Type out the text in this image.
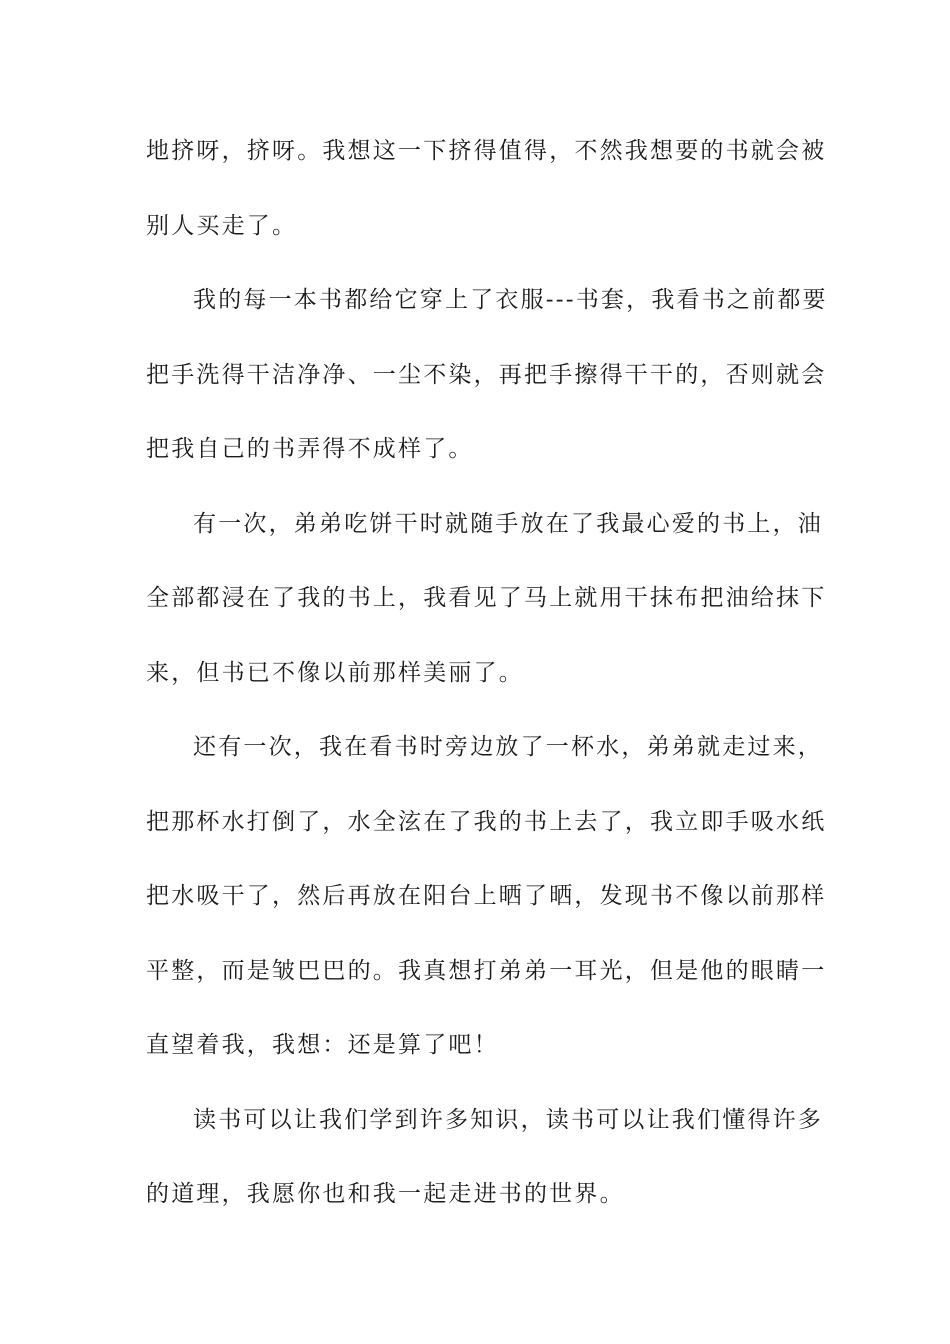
地挤呀，挤呀。我想这一下挤得值得，不然我想要的书就会被
别人买走了。
我的每一本书都给它穿上了衣服---书套，我看书之前都要
把手洗得干洁净净、一尘不染，再把手擦得干干的，否则就会
把我自己的书弄得不成样了。
有一次，弟弟吃饼干时就随手放在了我最心爱的书上，油
全部都浸在了我的书上，我看见了马上就用干抹布把油给抹下
来，但书已不像以前那样美丽了。
还有一次，我在看书时旁边放了一杯水，弟弟就走过来，
把那杯水打倒了，水全泫在了我的书上去了，我立即手吸水纸
把水吸干了，然后再放在阳台上晒了晒，发现书不像以前那样
平整，而是皱巴巴的。我真想打弟弟一耳光，但是他的眼睛一
直望着我，我想：还是算了吧！
读书可以让我们学到许多知识，读书可以让我们懂得许多
的道理，我愿你也和我一起走进书的世界。
